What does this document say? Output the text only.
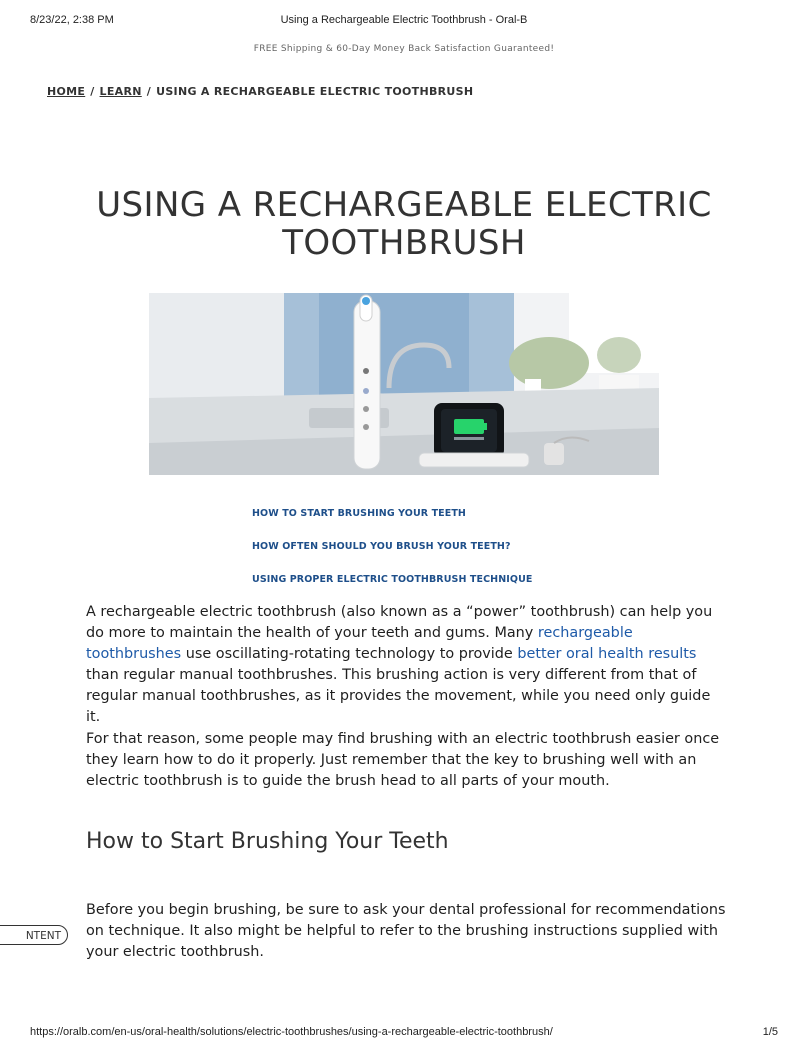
8/23/22, 2:38 PM	Using a Rechargeable Electric Toothbrush - Oral-B
FREE Shipping & 60-Day Money Back Satisfaction Guaranteed!
HOME / LEARN / USING A RECHARGEABLE ELECTRIC TOOTHBRUSH
USING A RECHARGEABLE ELECTRIC TOOTHBRUSH
HOW TO START BRUSHING YOUR TEETH
HOW OFTEN SHOULD YOU BRUSH YOUR TEETH?
USING PROPER ELECTRIC TOOTHBRUSH TECHNIQUE

A rechargeable electric toothbrush (also known as a “power” toothbrush) can help you do more to maintain the health of your teeth and gums. Many rechargeable toothbrushes use oscillating-rotating technology to provide better oral health results than regular manual toothbrushes. This brushing action is very different from that of regular manual toothbrushes, as it provides the movement, while you need only guide it.

For that reason, some people may find brushing with an electric toothbrush easier once they learn how to do it properly. Just remember that the key to brushing well with an electric toothbrush is to guide the brush head to all parts of your mouth.

How to Start Brushing Your Teeth

Before you begin brushing, be sure to ask your dental professional for recommendations on technique. It also might be helpful to refer to the brushing instructions supplied with your electric toothbrush.

NTENT
https://oralb.com/en-us/oral-health/solutions/electric-toothbrushes/using-a-rechargeable-electric-toothbrush/	1/5
